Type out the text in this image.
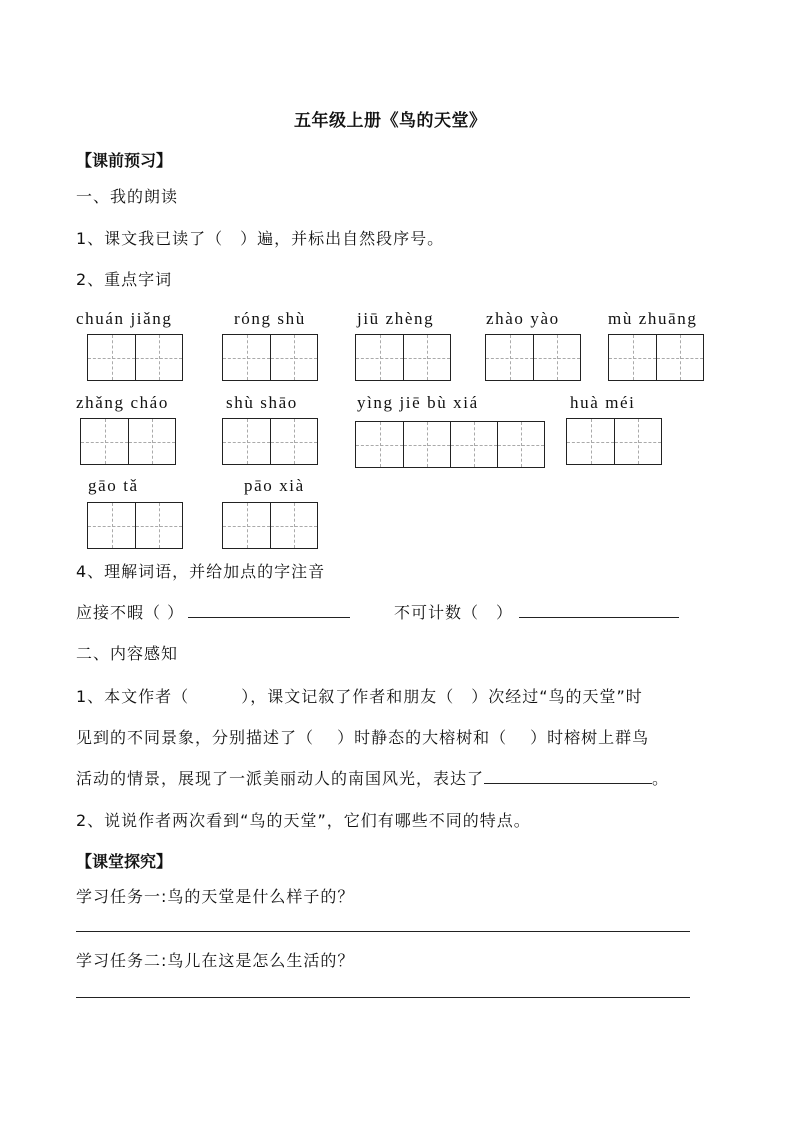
五年级上册《鸟的天堂》
【课前预习】
一、我的朗读
1、课文我已读了（　）遍，并标出自然段序号。
2、重点字词
chuán jiǎng	róng shù	jiū zhèng	zhào yào	mù zhuāng
zhǎng cháo	shù shāo	yìng jiē bù xiá	huà méi
gāo tǎ	pāo xià
4、理解词语，并给加点的字注音
应接不暇（ ）	不可计数（　）
二、内容感知
1、本文作者（	），课文记叙了作者和朋友（　）次经过“鸟的天堂”时
见到的不同景象，分别描述了（　 ）时静态的大榕树和（　 ）时榕树上群鸟
活动的情景，展现了一派美丽动人的南国风光，表达了	。
2、说说作者两次看到“鸟的天堂”，它们有哪些不同的特点。
【课堂探究】
学习任务一:鸟的天堂是什么样子的？
学习任务二:鸟儿在这是怎么生活的？
